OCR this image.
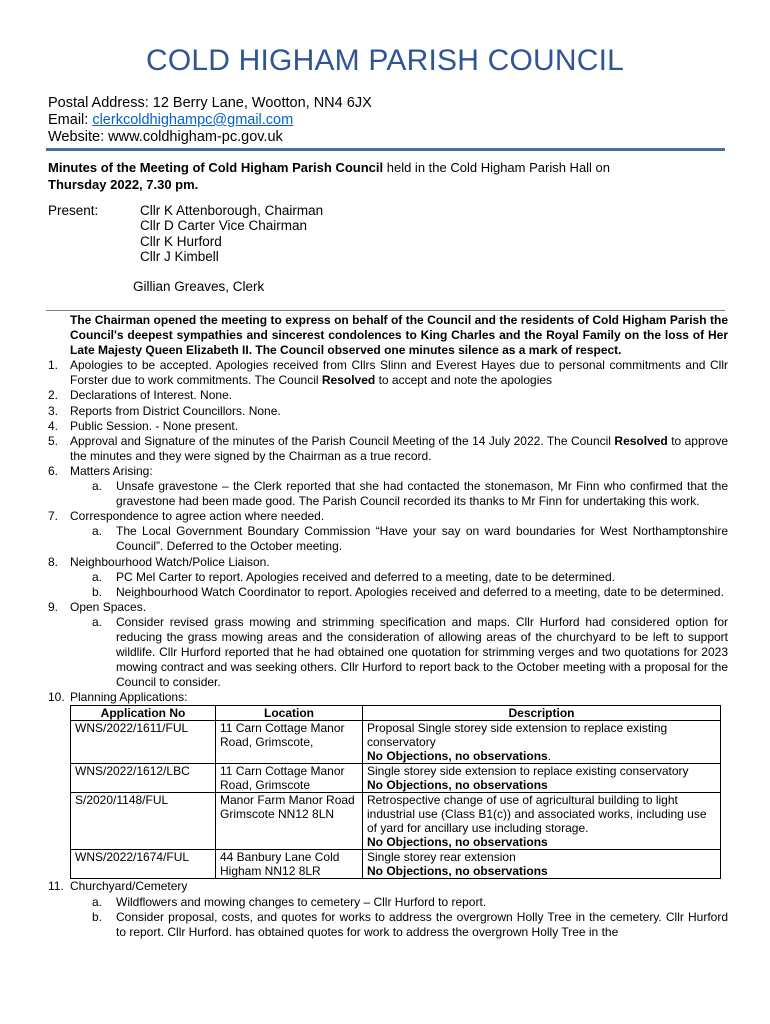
COLD HIGHAM PARISH COUNCIL
Postal Address: 12 Berry Lane, Wootton, NN4 6JX
Email: clerkcoldhighampc@gmail.com
Website: www.coldhigham-pc.gov.uk
Minutes of the Meeting of Cold Higham Parish Council held in the Cold Higham Parish Hall on
Thursday 2022, 7.30 pm.
Present:	Cllr K Attenborough, Chairman
Cllr D Carter Vice Chairman
Cllr K Hurford
Cllr J Kimbell
Gillian Greaves, Clerk
The Chairman opened the meeting to express on behalf of the Council and the residents of Cold Higham Parish the Council's deepest sympathies and sincerest condolences to King Charles and the Royal Family on the loss of Her Late Majesty Queen Elizabeth II. The Council observed one minutes silence as a mark of respect.
1. Apologies to be accepted. Apologies received from Cllrs Slinn and Everest Hayes due to personal commitments and Cllr Forster due to work commitments. The Council Resolved to accept and note the apologies
2. Declarations of Interest. None.
3. Reports from District Councillors. None.
4. Public Session. - None present.
5. Approval and Signature of the minutes of the Parish Council Meeting of the 14 July 2022. The Council Resolved to approve the minutes and they were signed by the Chairman as a true record.
6. Matters Arising:
a. Unsafe gravestone – the Clerk reported that she had contacted the stonemason, Mr Finn who confirmed that the gravestone had been made good. The Parish Council recorded its thanks to Mr Finn for undertaking this work.
7. Correspondence to agree action where needed.
a. The Local Government Boundary Commission “Have your say on ward boundaries for West Northamptonshire Council”. Deferred to the October meeting.
8. Neighbourhood Watch/Police Liaison.
a. PC Mel Carter to report. Apologies received and deferred to a meeting, date to be determined.
b. Neighbourhood Watch Coordinator to report. Apologies received and deferred to a meeting, date to be determined.
9. Open Spaces.
a. Consider revised grass mowing and strimming specification and maps. Cllr Hurford had considered option for reducing the grass mowing areas and the consideration of allowing areas of the churchyard to be left to support wildlife. Cllr Hurford reported that he had obtained one quotation for strimming verges and two quotations for 2023 mowing contract and was seeking others. Cllr Hurford to report back to the October meeting with a proposal for the Council to consider.
10. Planning Applications:
Application No	Location	Description
WNS/2022/1611/FUL	11 Carn Cottage Manor Road, Grimscote,	Proposal Single storey side extension to replace existing conservatory
No Objections, no observations.
WNS/2022/1612/LBC	11 Carn Cottage Manor Road, Grimscote	Single storey side extension to replace existing conservatory
No Objections, no observations
S/2020/1148/FUL	Manor Farm Manor Road Grimscote NN12 8LN	Retrospective change of use of agricultural building to light industrial use (Class B1(c)) and associated works, including use of yard for ancillary use including storage.
No Objections, no observations
WNS/2022/1674/FUL	44 Banbury Lane Cold Higham NN12 8LR	Single storey rear extension
No Objections, no observations
11. Churchyard/Cemetery
a. Wildflowers and mowing changes to cemetery – Cllr Hurford to report.
b. Consider proposal, costs, and quotes for works to address the overgrown Holly Tree in the cemetery. Cllr Hurford to report. Cllr Hurford. has obtained quotes for work to address the overgrown Holly Tree in the
